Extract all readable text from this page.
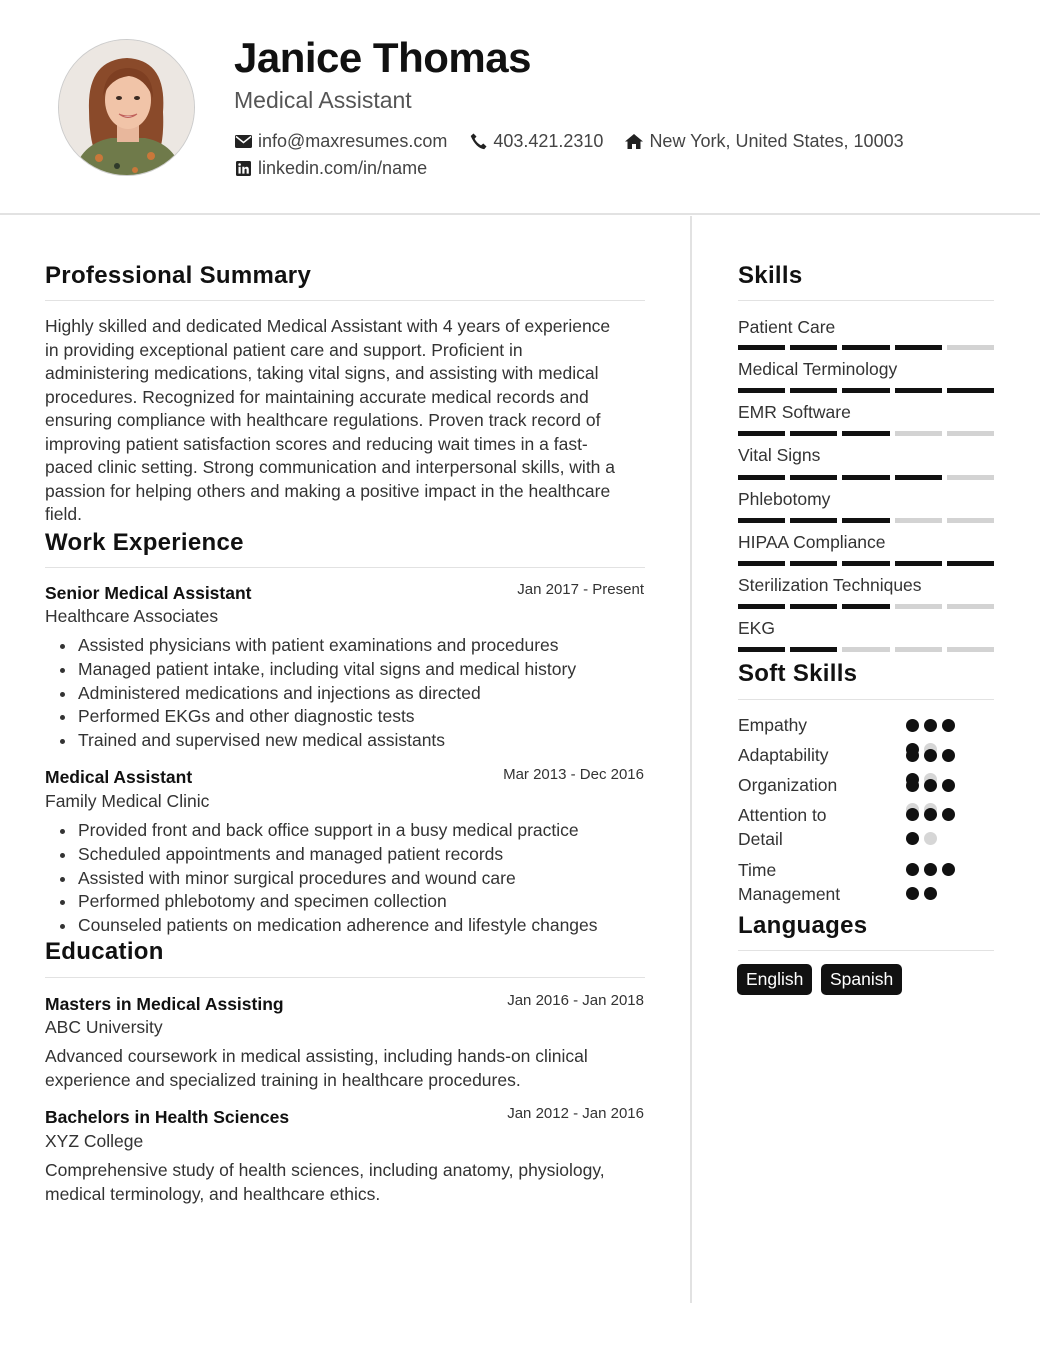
Janice Thomas
Medical Assistant
info@maxresumes.com	403.421.2310	New York, United States, 10003
linkedin.com/in/name
Professional Summary
Highly skilled and dedicated Medical Assistant with 4 years of experience
in providing exceptional patient care and support. Proficient in
administering medications, taking vital signs, and assisting with medical
procedures. Recognized for maintaining accurate medical records and
ensuring compliance with healthcare regulations. Proven track record of
improving patient satisfaction scores and reducing wait times in a fast-
paced clinic setting. Strong communication and interpersonal skills, with a
passion for helping others and making a positive impact in the healthcare
field.
Work Experience
Senior Medical Assistant	Jan 2017 - Present
Healthcare Associates
Assisted physicians with patient examinations and procedures
Managed patient intake, including vital signs and medical history
Administered medications and injections as directed
Performed EKGs and other diagnostic tests
Trained and supervised new medical assistants
Medical Assistant	Mar 2013 - Dec 2016
Family Medical Clinic
Provided front and back office support in a busy medical practice
Scheduled appointments and managed patient records
Assisted with minor surgical procedures and wound care
Performed phlebotomy and specimen collection
Counseled patients on medication adherence and lifestyle changes
Education
Masters in Medical Assisting	Jan 2016 - Jan 2018
ABC University
Advanced coursework in medical assisting, including hands-on clinical
experience and specialized training in healthcare procedures.
Bachelors in Health Sciences	Jan 2012 - Jan 2016
XYZ College
Comprehensive study of health sciences, including anatomy, physiology,
medical terminology, and healthcare ethics.
Skills
Patient Care
Medical Terminology
EMR Software
Vital Signs
Phlebotomy
HIPAA Compliance
Sterilization Techniques
EKG
Soft Skills
Empathy
Adaptability
Organization
Attention to
Detail
Time
Management
Languages
English	Spanish
